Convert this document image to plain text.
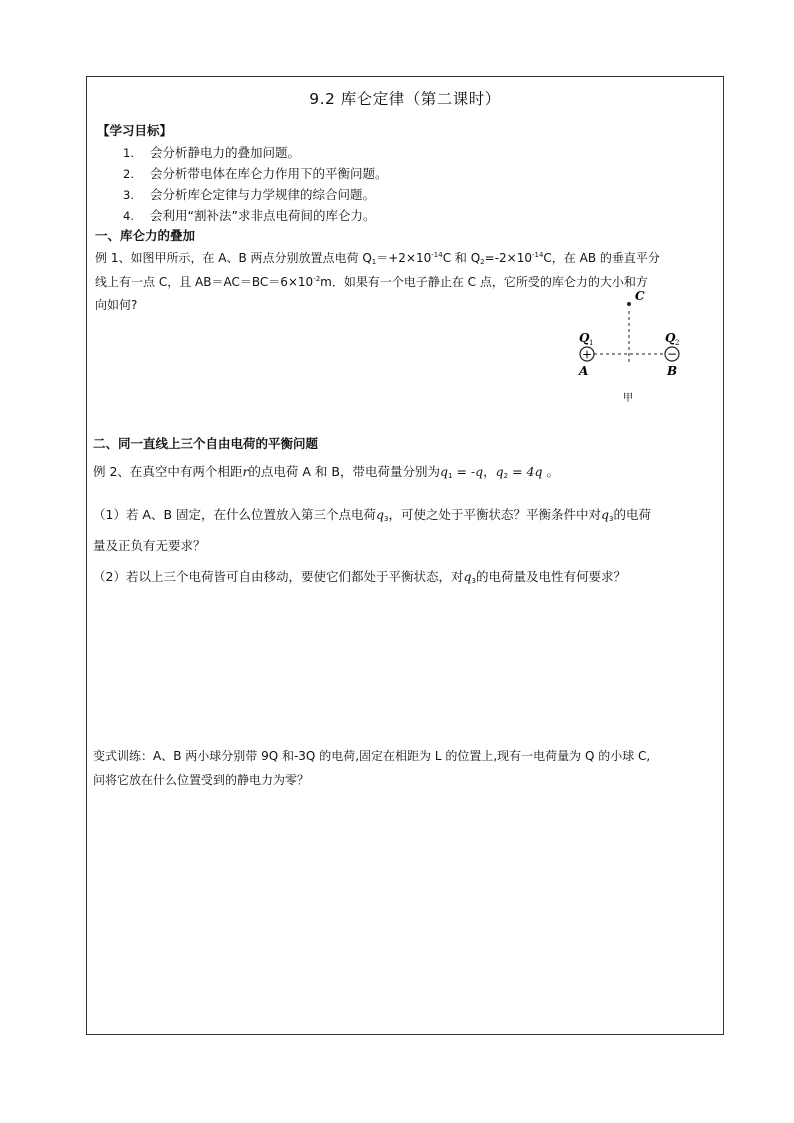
9.2 库仑定律（第二课时）
【学习目标】
1. 会分析静电力的叠加问题。
2. 会分析带电体在库仑力作用下的平衡问题。
3. 会分析库仑定律与力学规律的综合问题。
4. 会利用“割补法”求非点电荷间的库仑力。
一、库仑力的叠加
例 1、如图甲所示，在 A、B 两点分别放置点电荷 $Q_1=+2\times 10^{-14}C$ 和 $Q_2=-2\times 10^{-14}C$，在 AB 的垂直平分
线上有一点 C，且 $AB=AC=BC=6\times 10^{-2}m$．如果有一个电子静止在 C 点，它所受的库仑力的大小和方
向如何?
C
+	−
Q 1	Q 2
A	B
甲
二、同一直线上三个自由电荷的平衡问题
例 2、在真空中有两个相距r的点电荷 A 和 B，带电荷量分别为$q_1 = -q$，$q_2 = 4q$ 。
（1）若 A、B 固定，在什么位置放入第三个点电荷$q_3$，可使之处于平衡状态？平衡条件中对$q_3$的电荷
量及正负有无要求？
（2）若以上三个电荷皆可自由移动，要使它们都处于平衡状态，对$q_3$的电荷量及电性有何要求？
变式训练：A、B 两小球分别带 9Q 和-3Q 的电荷,固定在相距为 L 的位置上,现有一电荷量为 Q 的小球 C,
问将它放在什么位置受到的静电力为零？
